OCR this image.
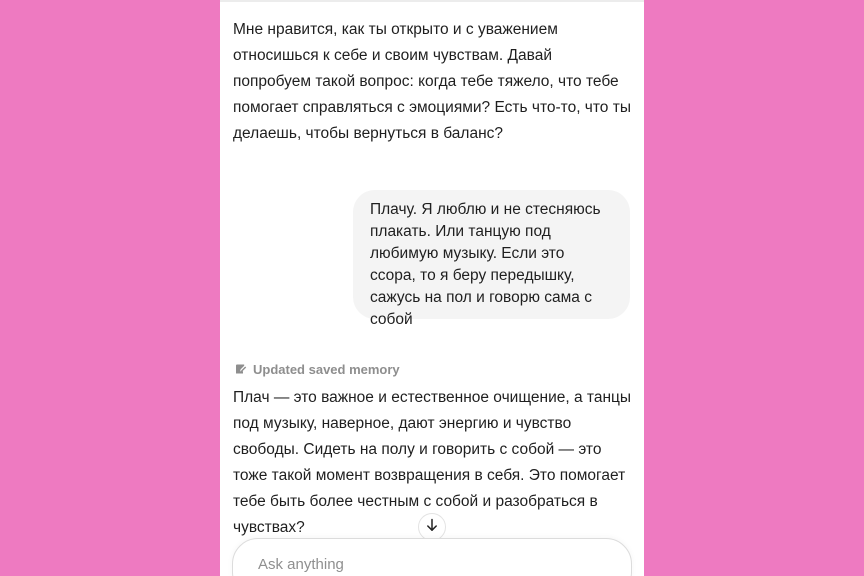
Мне нравится, как ты открыто и с уважением относишься к себе и своим чувствам. Давай попробуем такой вопрос: когда тебе тяжело, что тебе помогает справляться с эмоциями? Есть что-то, что ты делаешь, чтобы вернуться в баланс?

Плачу. Я люблю и не стесняюсь плакать. Или танцую под любимую музыку. Если это ссора, то я беру передышку, сажусь на пол и говорю сама с собой
Updated saved memory

Плач — это важное и естественное очищение, а танцы под музыку, наверное, дают энергию и чувство свободы. Сидеть на полу и говорить с собой — это тоже такой момент возвращения в себя. Это помогает тебе быть более честным с собой и разобраться в чувствах?

Ask anything
